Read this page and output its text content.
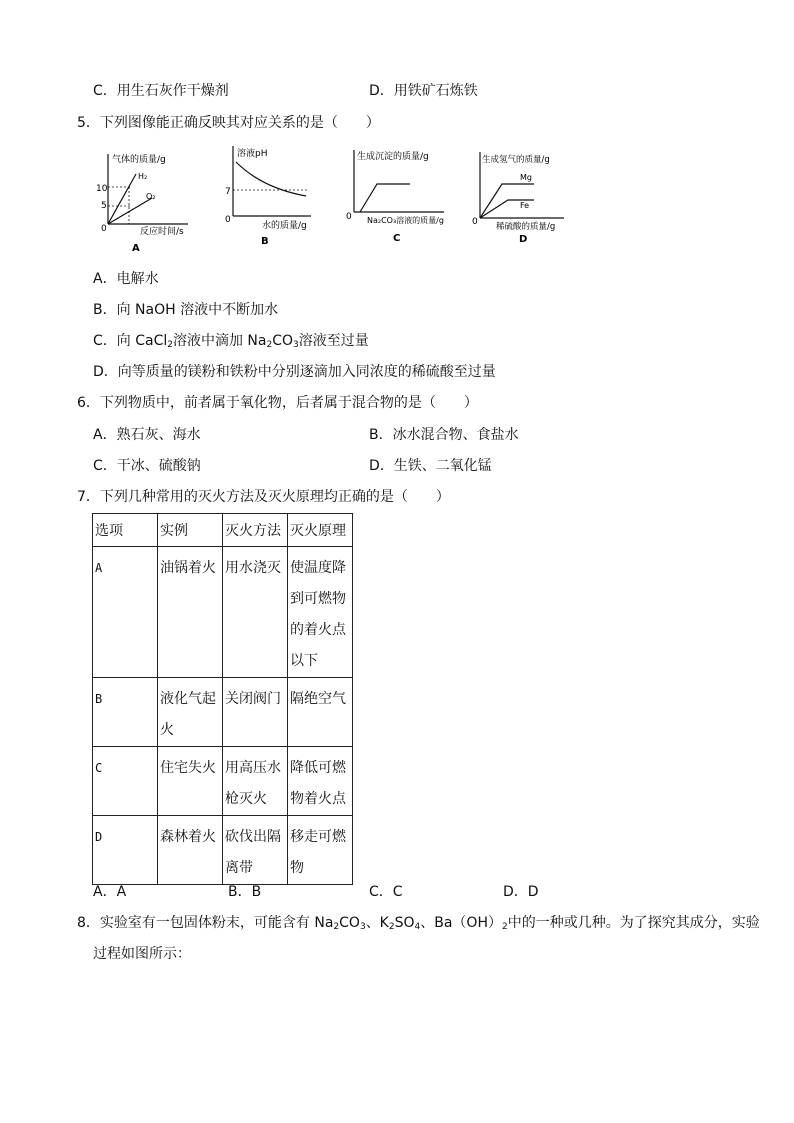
C．用生石灰作干燥剂	D．用铁矿石炼铁
5．下列图像能正确反映其对应关系的是（　　）
气体的质量/g
反应时间/s
10
5
0
H₂
O₂
A
溶液pH
水的质量/g
7
0
B
生成沉淀的质量/g
Na₂CO₃溶液的质量/g
0
C
生成氢气的质量/g
稀硫酸的质量/g
0
Mg
Fe
D
A．电解水
B．向 NaOH 溶液中不断加水
C．向 CaCl$_2$溶液中滴加 $Na_2CO_3$溶液至过量
D．向等质量的镁粉和铁粉中分别逐滴加入同浓度的稀硫酸至过量
6．下列物质中，前者属于氧化物，后者属于混合物的是（　　）
A．熟石灰、海水	B．冰水混合物、食盐水
C．干冰、硫酸钠	D．生铁、二氧化锰
7．下列几种常用的灭火方法及灭火原理均正确的是（　　）
选项	实例	灭火方法	灭火原理
A	油锅着火	用水浇灭	使温度降到可燃物的着火点以下
B	液化气起火	关闭阀门	隔绝空气
C	住宅失火	用高压水枪灭火	降低可燃物着火点
D	森林着火	砍伐出隔离带	移走可燃物
A．A	B．B	C．C	D．D
8．实验室有一包固体粉末，可能含有 $Na_2CO_3$、$K_2SO_4$、$Ba(OH)_2$中的一种或几种。为了探究其成分，实验
过程如图所示：
